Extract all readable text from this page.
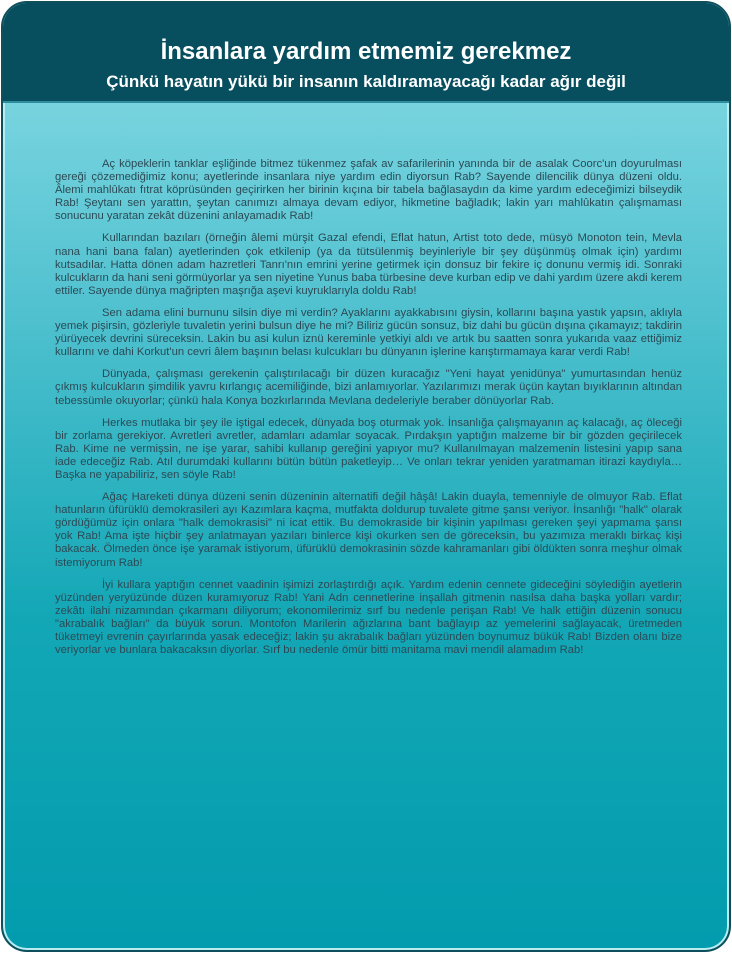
İnsanlara yardım etmemiz gerekmez
Çünkü hayatın yükü bir insanın kaldıramayacağı kadar ağır değil

Aç köpeklerin tanklar eşliğinde bitmez tükenmez şafak av safarilerinin yanında bir de asalak Coorc'un doyurulması gereği çözemediğimiz konu; ayetlerinde insanlara niye yardım edin diyorsun Rab? Sayende dilencilik dünya düzeni oldu. Âlemi mahlûkatı fıtrat köprüsünden geçirirken her birinin kıçına bir tabela bağlasaydın da kime yardım edeceğimizi bilseydik Rab! Şeytanı sen yarattın, şeytan canımızı almaya devam ediyor, hikmetine bağladık; lakin yarı mahlûkatın çalışmaması sonucunu yaratan zekât düzenini anlayamadık Rab!

Kullarından bazıları (örneğin âlemi mürşit Gazal efendi, Eflat hatun, Artist toto dede, müsyö Monoton tein, Mevla nana hani bana falan) ayetlerinden çok etkilenip (ya da tütsülenmiş beyinleriyle bir şey düşünmüş olmak için) yardımı kutsadılar. Hatta dönen adam hazretleri Tanrı'nın emrini yerine getirmek için donsuz bir fekire iç donunu vermiş idi. Sonraki kulcukların da hani seni görmüyorlar ya sen niyetine Yunus baba türbesine deve kurban edip ve dahi yardım üzere akdi kerem ettiler. Sayende dünya mağripten maşrığa aşevi kuyruklarıyla doldu Rab!

Sen adama elini burnunu silsin diye mi verdin? Ayaklarını ayakkabısını giysin, kollarını başına yastık yapsın, aklıyla yemek pişirsin, gözleriyle tuvaletin yerini bulsun diye he mi? Biliriz gücün sonsuz, biz dahi bu gücün dışına çıkamayız; takdirin yürüyecek devrini süreceksin. Lakin bu asi kulun iznü kereminle yetkiyi aldı ve artık bu saatten sonra yukarıda vaaz ettiğimiz kullarını ve dahi Korkut'un cevri âlem başının belası kulcukları bu dünyanın işlerine karıştırmamaya karar verdi Rab!

Dünyada, çalışması gerekenin çalıştırılacağı bir düzen kuracağız "Yeni hayat yenidünya" yumurtasından henüz çıkmış kulcukların şimdilik yavru kırlangıç acemiliğinde, bizi anlamıyorlar. Yazılarımızı merak üçün kaytan bıyıklarının altından tebessümle okuyorlar; çünkü hala Konya bozkırlarında Mevlana dedeleriyle beraber dönüyorlar Rab.

Herkes mutlaka bir şey ile iştigal edecek, dünyada boş oturmak yok. İnsanlığa çalışmayanın aç kalacağı, aç öleceği bir zorlama gerekiyor. Avretleri avretler, adamları adamlar soyacak. Pırdakşın yaptığın malzeme bir bir gözden geçirilecek Rab. Kime ne vermişsin, ne işe yarar, sahibi kullanıp gereğini yapıyor mu? Kullanılmayan malzemenin listesini yapıp sana iade edeceğiz Rab. Atıl durumdaki kullarını bütün bütün paketleyip… Ve onları tekrar yeniden yaratmaman itirazi kaydıyla… Başka ne yapabiliriz, sen söyle Rab!

Ağaç Hareketi dünya düzeni senin düzeninin alternatifi değil hâşâ! Lakin duayla, temenniyle de olmuyor Rab. Eflat hatunların üfürüklü demokrasileri ayı Kazımlara kaçma, mutfakta doldurup tuvalete gitme şansı veriyor. İnsanlığı "halk" olarak gördüğümüz için onlara "halk demokrasisi" ni icat ettik. Bu demokraside bir kişinin yapılması gereken şeyi yapmama şansı yok Rab! Ama işte hiçbir şey anlatmayan yazıları binlerce kişi okurken sen de göreceksin, bu yazımıza meraklı birkaç kişi bakacak. Ölmeden önce işe yaramak istiyorum, üfürüklü demokrasinin sözde kahramanları gibi öldükten sonra meşhur olmak istemiyorum Rab!

İyi kullara yaptığın cennet vaadinin işimizi zorlaştırdığı açık. Yardım edenin cennete gideceğini söylediğin ayetlerin yüzünden yeryüzünde düzen kuramıyoruz Rab! Yani Adn cennetlerine inşallah gitmenin nasılsa daha başka yolları vardır; zekâtı ilahi nizamından çıkarmanı diliyorum; ekonomilerimiz sırf bu nedenle perişan Rab! Ve halk ettiğin düzenin sonucu "akrabalık bağları" da büyük sorun. Montofon Marilerin ağızlarına bant bağlayıp az yemelerini sağlayacak, üretmeden tüketmeyi evrenin çayırlarında yasak edeceğiz; lakin şu akrabalık bağları yüzünden boynumuz bükük Rab! Bizden olanı bize veriyorlar ve bunlara bakacaksın diyorlar. Sırf bu nedenle ömür bitti manitama mavi mendil alamadım Rab!
